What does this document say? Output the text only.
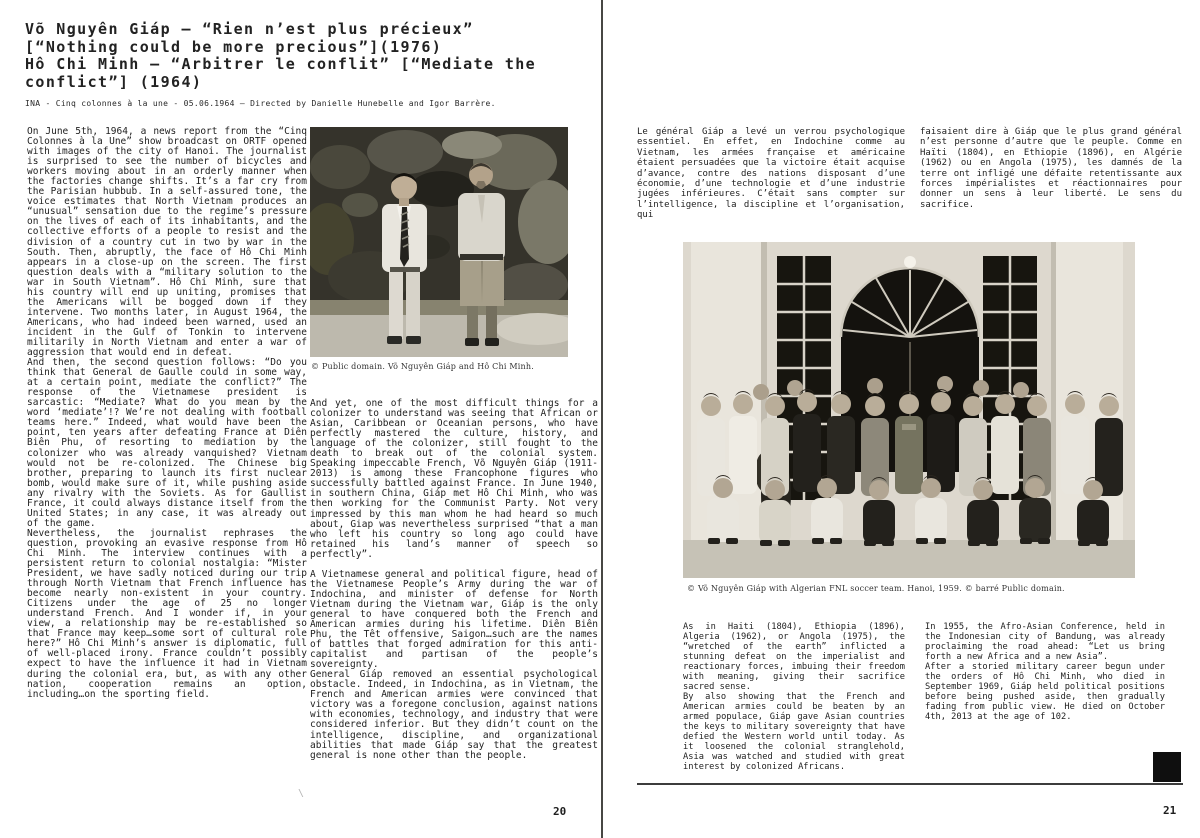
Võ Nguyên Giáp — “Rien n’est plus précieux”
[“Nothing could be more precious”](1976)
Hô Chi Minh — “Arbitrer le conflit” [“Mediate the
conflict”] (1964)
INA - Cinq colonnes à la une - 05.06.1964 — Directed by Danielle Hunebelle and Igor Barrère.

On June 5th, 1964, a news report from the “Cinq Colonnes à la Une” show broadcast on ORTF opened with images of the city of Hanoi. The journalist is surprised to see the number of bicycles and workers moving about in an orderly manner when the factories change shifts. It’s a far cry from the Parisian hubbub. In a self-assured tone, the voice estimates that North Vietnam produces an “unusual” sensation due to the regime’s pressure on the lives of each of its inhabitants, and the collective efforts of a people to resist and the division of a country cut in two by war in the South. Then, abruptly, the face of Hô Chi Minh appears in a close-up on the screen. The first question deals with a “military solution to the war in South Vietnam”. Hô Chi Minh, sure that his country will end up uniting, promises that the Americans will be bogged down if they intervene. Two months later, in August 1964, the Americans, who had indeed been warned, used an incident in the Gulf of Tonkin to intervene militarily in North Vietnam and enter a war of aggression that would end in defeat.

And then, the second question follows: “Do you think that General de Gaulle could in some way, at a certain point, mediate the conflict?” The response of the Vietnamese president is sarcastic: “Mediate? What do you mean by the word ‘mediate’!? We’re not dealing with football teams here.” Indeed, what would have been the point, ten years after defeating France at Diên Biên Phu, of resorting to mediation by the colonizer who was already vanquished? Vietnam would not be re-colonized. The Chinese big brother, preparing to launch its first nuclear bomb, would make sure of it, while pushing aside any rivalry with the Soviets. As for Gaullist France, it could always distance itself from the United States; in any case, it was already out of the game.

Nevertheless, the journalist rephrases the question, provoking an evasive response from Hô Chi Minh. The interview continues with a persistent return to colonial nostalgia: “Mister President, we have sadly noticed during our trip through North Vietnam that French influence has become nearly non-existent in your country. Citizens under the age of 25 no longer understand French. And I wonder if, in your view, a relationship may be re-established so that France may keep…some sort of cultural role here?” Hô Chi Minh’s answer is diplomatic, full of well-placed irony. France couldn’t possibly expect to have the influence it had in Vietnam during the colonial era, but, as with any other nation, cooperation remains an option, including…on the sporting field.

© Public domain. Võ Nguyên Giáp and Hô Chi Minh.

And yet, one of the most difficult things for a colonizer to understand was seeing that African or Asian, Caribbean or Oceanian persons, who have perfectly mastered the culture, history, and language of the colonizer, still fought to the death to break out of the colonial system. Speaking impeccable French, Võ Nguyên Giáp (1911-2013) is among these Francophone figures who successfully battled against France. In June 1940, in southern China, Giáp met Hô Chi Minh, who was then working for the Communist Party. Not very impressed by this man whom he had heard so much about, Giap was nevertheless surprised “that a man who left his country so long ago could have retained his land’s manner of speech so perfectly”.

A Vietnamese general and political figure, head of the Vietnamese People’s Army during the war of Indochina, and minister of defense for North Vietnam during the Vietnam war, Giáp is the only general to have conquered both the French and American armies during his lifetime. Diên Biên Phu, the Têt offensive, Saigon…such are the names of battles that forged admiration for this anti-capitalist and partisan of the people’s sovereignty.

General Giáp removed an essential psychological obstacle. Indeed, in Indochina, as in Vietnam, the French and American armies were convinced that victory was a foregone conclusion, against nations with economies, technology, and industry that were considered inferior. But they didn’t count on the intelligence, discipline, and organizational abilities that made Giáp say that the greatest general is none other than the people.

\
20

Le général Giáp a levé un verrou psychologique essentiel. En effet, en Indochine comme au Vietnam, les armées française et américaine étaient persuadées que la victoire était acquise d’avance, contre des nations disposant d’une économie, d’une technologie et d’une industrie jugées inférieures. C’était sans compter sur l’intelligence, la discipline et l’organisation, qui

faisaient dire à Giáp que le plus grand général n’est personne d’autre que le peuple. Comme en Haïti (1804), en Ethiopie (1896), en Algérie (1962) ou en Angola (1975), les damnés de la terre ont infligé une défaite retentissante aux forces impérialistes et réactionnaires pour donner un sens à leur liberté. Le sens du sacrifice.

© Võ Nguyên Giáp with Algerian FNL soccer team. Hanoi, 1959. © barré Public domain.

As in Haiti (1804), Ethiopia (1896), Algeria (1962), or Angola (1975), the “wretched of the earth” inflicted a stunning defeat on the imperialist and reactionary forces, imbuing their freedom with meaning, giving their sacrifice sacred sense.

By also showing that the French and American armies could be beaten by an armed populace, Giáp gave Asian countries the keys to military sovereignty that have defied the Western world until today. As it loosened the colonial stranglehold, Asia was watched and studied with great interest by colonized Africans.

In 1955, the Afro-Asian Conference, held in the Indonesian city of Bandung, was already proclaiming the road ahead: “Let us bring forth a new Africa and a new Asia”.

After a storied military career begun under the orders of Hô Chi Minh, who died in September 1969, Giáp held political positions before being pushed aside, then gradually fading from public view. He died on October 4th, 2013 at the age of 102.

21
